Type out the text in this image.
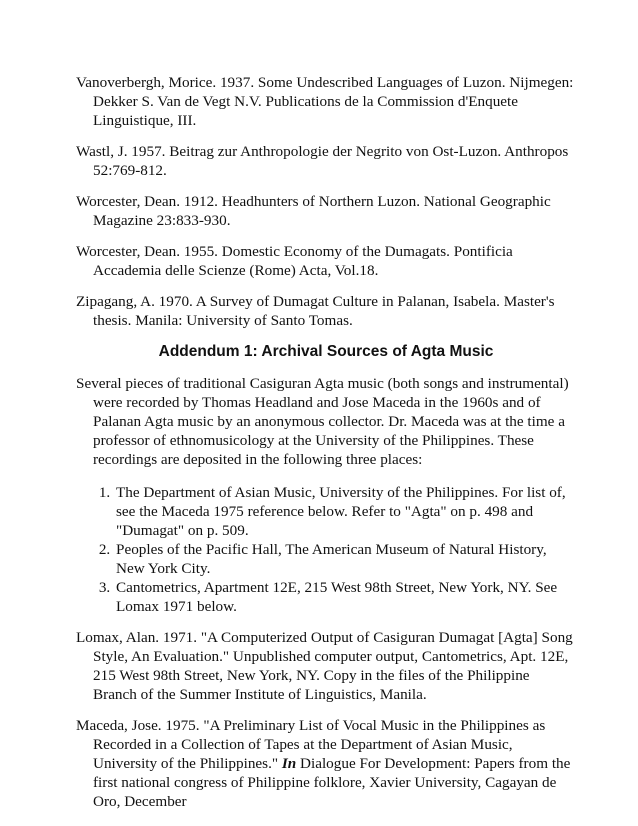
Vanoverbergh, Morice. 1937. Some Undescribed Languages of Luzon. Nijmegen: Dekker S. Van de Vegt N.V. Publications de la Commission d'Enquete Linguistique, III.

Wastl, J. 1957. Beitrag zur Anthropologie der Negrito von Ost-Luzon. Anthropos 52:769-812.

Worcester, Dean. 1912. Headhunters of Northern Luzon. National Geographic Magazine 23:833-930.

Worcester, Dean. 1955. Domestic Economy of the Dumagats. Pontificia Accademia delle Scienze (Rome) Acta, Vol.18.

Zipagang, A. 1970. A Survey of Dumagat Culture in Palanan, Isabela. Master's thesis. Manila: University of Santo Tomas.

Addendum 1: Archival Sources of Agta Music

Several pieces of traditional Casiguran Agta music (both songs and instrumental) were recorded by Thomas Headland and Jose Maceda in the 1960s and of Palanan Agta music by an anonymous collector. Dr. Maceda was at the time a professor of ethnomusicology at the University of the Philippines. These recordings are deposited in the following three places:

1. The Department of Asian Music, University of the Philippines. For list of, see the Maceda 1975 reference below. Refer to "Agta" on p. 498 and "Dumagat" on p. 509.
2. Peoples of the Pacific Hall, The American Museum of Natural History, New York City.
3. Cantometrics, Apartment 12E, 215 West 98th Street, New York, NY. See Lomax 1971 below.

Lomax, Alan. 1971. "A Computerized Output of Casiguran Dumagat [Agta] Song Style, An Evaluation." Unpublished computer output, Cantometrics, Apt. 12E, 215 West 98th Street, New York, NY. Copy in the files of the Philippine Branch of the Summer Institute of Linguistics, Manila.

Maceda, Jose. 1975. "A Preliminary List of Vocal Music in the Philippines as Recorded in a Collection of Tapes at the Department of Asian Music, University of the Philippines." In Dialogue For Development: Papers from the first national congress of Philippine folklore, Xavier University, Cagayan de Oro, December
